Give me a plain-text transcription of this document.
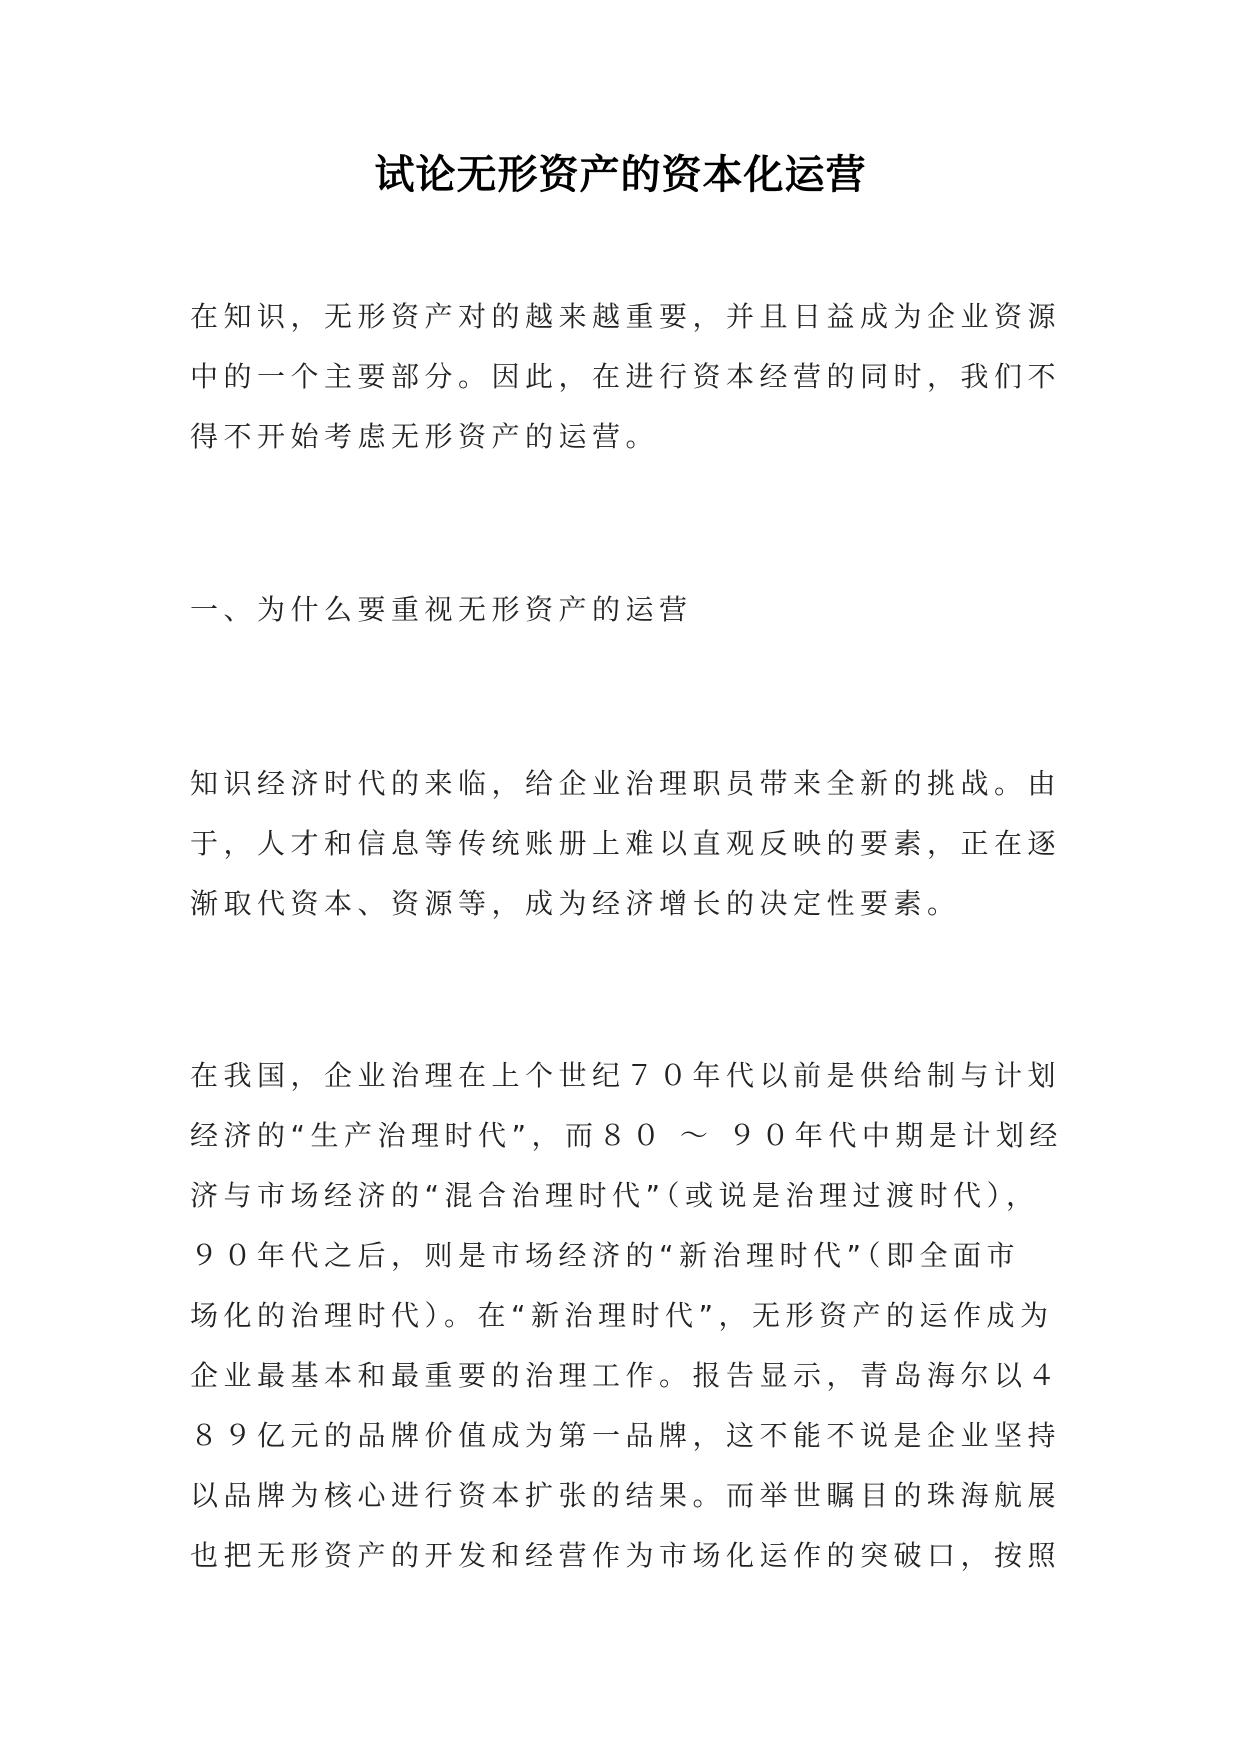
试论无形资产的资本化运营
在知识，无形资产对的越来越重要，并且日益成为企业资源
中的一个主要部分。因此，在进行资本经营的同时，我们不
得不开始考虑无形资产的运营。
一、为什么要重视无形资产的运营
知识经济时代的来临，给企业治理职员带来全新的挑战。由
于，人才和信息等传统账册上难以直观反映的要素，正在逐
渐取代资本、资源等，成为经济增长的决定性要素。
在我国，企业治理在上个世纪７０年代以前是供给制与计划
经济的“生产治理时代”，而８０ ～ ９０年代中期是计划经
济与市场经济的“混合治理时代”（或说是治理过渡时代），
９０年代之后，则是市场经济的“新治理时代”（即全面市
场化的治理时代）。在“新治理时代”，无形资产的运作成为
企业最基本和最重要的治理工作。报告显示，青岛海尔以４
８９亿元的品牌价值成为第一品牌，这不能不说是企业坚持
以品牌为核心进行资本扩张的结果。而举世瞩目的珠海航展
也把无形资产的开发和经营作为市场化运作的突破口，按照
